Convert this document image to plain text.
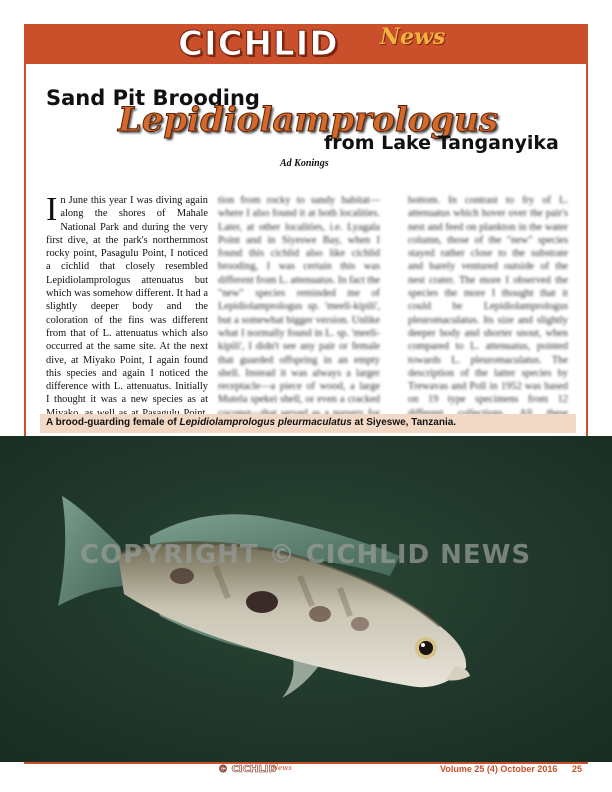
CICHLID News
Sand Pit Brooding
Lepidiolamprologus
from Lake Tanganyika
Ad Konings
In June this year I was diving again along the shores of Mahale National Park and during the very first dive, at the park's northernmost rocky point, Pasagulu Point, I noticed a cichlid that closely resembled Lepidiolamprologus attenuatus but which was somehow different. It had a slightly deeper body and the coloration of the fins was different from that of L. attenuatus which also occurred at the same site. At the next dive, at Miyako Point, I again found this species and again I noticed the difference with L. attenuatus. Initially I thought it was a new species as at
tion from rocky to sandy habitat—where I also found it at both localities. Later, at other localities, i.e. Lyagala Point and in Siyeswe Bay, when I found this cichlid also like cichlid brooding, I was certain this was different from L. attenuatus. In fact the "new" species reminded me of Lepidiolamprologus sp. 'meeli-kipili', but a somewhat bigger version. Unlike what I normally found in L. sp. 'meeli-kipili', I didn't see any pair or female that guarded offspring in an empty shell. Instead it was always a larger receptacle—a piece of wood, a large Mutela spekei shell, or even a cracked
bottom. In contrast to fry of L. attenuatus which hover over the pair's nest and feed on plankton in the water column, those of the "new" species stayed rather close to the substrate and barely ventured outside of the nest crater. The more I observed the species the more I thought that it could be Lepidiolamprologus pleuromaculatus. Its size and slightly deeper body and shorter snout, when compared to L. attenuatus, pointed towards L. pleuromaculatus. The description of the latter species by Trewavas and Poll in 1952 was based on 19 type specimens from 12
A brood-guarding female of Lepidiolamprologus pleurmaculatus at Siyeswe, Tanzania.
COPYRIGHT © CICHLID NEWS
© CICHLID
News	Volume 25 (4) October 2016 25
